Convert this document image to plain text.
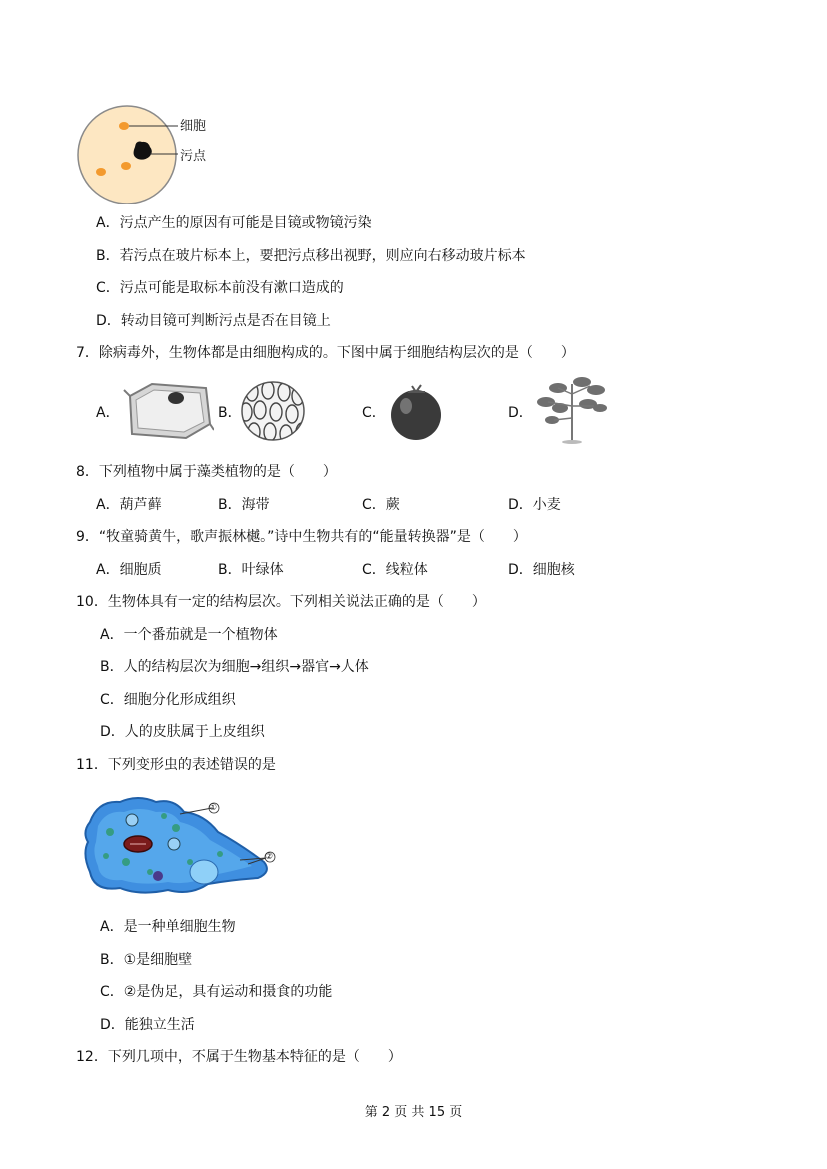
细胞
污点
A．污点产生的原因有可能是目镜或物镜污染
B．若污点在玻片标本上，要把污点移出视野，则应向右移动玻片标本
C．污点可能是取标本前没有漱口造成的
D．转动目镜可判断污点是否在目镜上
7．除病毒外，生物体都是由细胞构成的。下图中属于细胞结构层次的是（　　）
A．	B．	C．	D．
8．下列植物中属于藻类植物的是（　　）
A．葫芦藓	B．海带	C．蕨	D．小麦
9．“牧童骑黄牛，歌声振林樾。”诗中生物共有的“能量转换器”是（　　）
A．细胞质	B．叶绿体	C．线粒体	D．细胞核
10．生物体具有一定的结构层次。下列相关说法正确的是（　　）
A．一个番茄就是一个植物体
B．人的结构层次为细胞→组织→器官→人体
C．细胞分化形成组织
D．人的皮肤属于上皮组织
11．下列变形虫的表述错误的是
①
②
A．是一种单细胞生物
B．①是细胞壁
C．②是伪足，具有运动和摄食的功能
D．能独立生活
12．下列几项中，不属于生物基本特征的是（　　）
第 2 页 共 15 页
